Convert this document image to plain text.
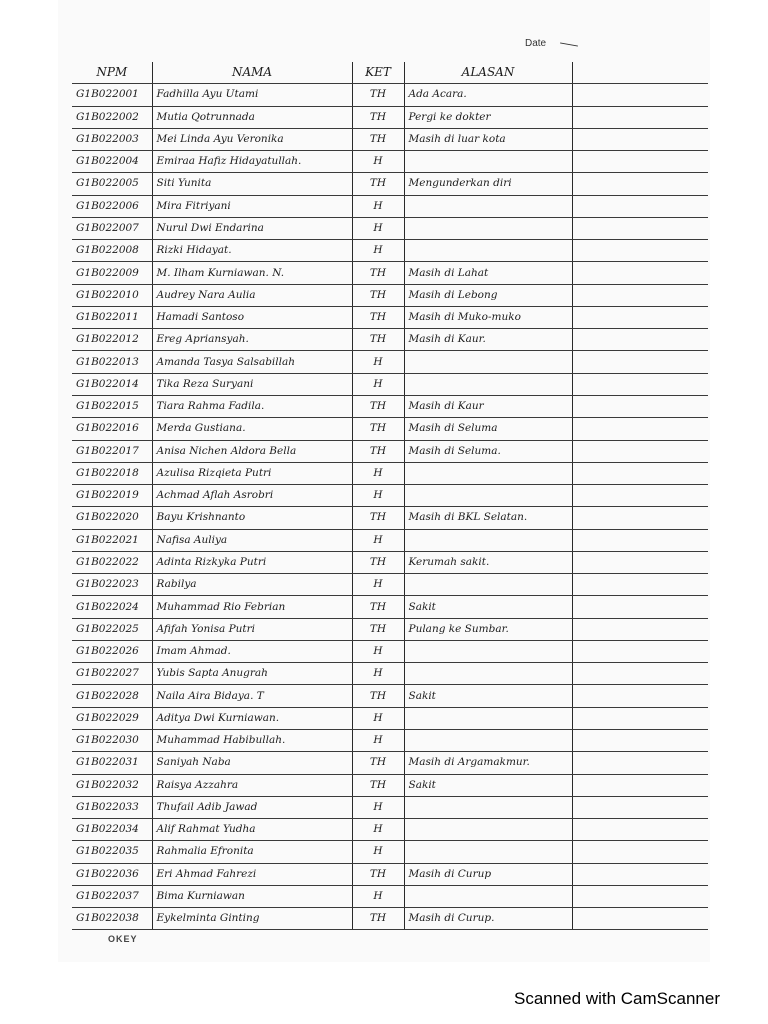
Date
NPM	NAMA	KET	ALASAN	
G1B022001	Fadhilla Ayu Utami	TH	Ada Acara.	
G1B022002	Mutia Qotrunnada	TH	Pergi ke dokter	
G1B022003	Mei Linda Ayu Veronika	TH	Masih di luar kota	
G1B022004	Emiraa Hafiz Hidayatullah.	H		
G1B022005	Siti Yunita	TH	Mengunderkan diri	
G1B022006	Mira Fitriyani	H		
G1B022007	Nurul Dwi Endarina	H		
G1B022008	Rizki Hidayat.	H		
G1B022009	M. Ilham Kurniawan. N.	TH	Masih di Lahat	
G1B022010	Audrey Nara Aulia	TH	Masih di Lebong	
G1B022011	Hamadi Santoso	TH	Masih di Muko-muko	
G1B022012	Ereg Apriansyah.	TH	Masih di Kaur.	
G1B022013	Amanda Tasya Salsabillah	H		
G1B022014	Tika Reza Suryani	H		
G1B022015	Tiara Rahma Fadila.	TH	Masih di Kaur	
G1B022016	Merda Gustiana.	TH	Masih di Seluma	
G1B022017	Anisa Nichen Aldora Bella	TH	Masih di Seluma.	
G1B022018	Azulisa Rizqieta Putri	H		
G1B022019	Achmad Aflah Asrobri	H		
G1B022020	Bayu Krishnanto	TH	Masih di BKL Selatan.	
G1B022021	Nafisa Auliya	H		
G1B022022	Adinta Rizkyka Putri	TH	Kerumah sakit.	
G1B022023	Rabilya	H		
G1B022024	Muhammad Rio Febrian	TH	Sakit	
G1B022025	Afifah Yonisa Putri	TH	Pulang ke Sumbar.	
G1B022026	Imam Ahmad.	H		
G1B022027	Yubis Sapta Anugrah	H		
G1B022028	Naila Aira Bidaya. T	TH	Sakit	
G1B022029	Aditya Dwi Kurniawan.	H		
G1B022030	Muhammad Habibullah.	H		
G1B022031	Saniyah Naba	TH	Masih di Argamakmur.	
G1B022032	Raisya Azzahra	TH	Sakit	
G1B022033	Thufail Adib Jawad	H		
G1B022034	Alif Rahmat Yudha	H		
G1B022035	Rahmalia Efronita	H		
G1B022036	Eri Ahmad Fahrezi	TH	Masih di Curup	
G1B022037	Bima Kurniawan	H		
G1B022038	Eykelminta Ginting	TH	Masih di Curup.	
OKEY
Scanned with CamScanner
